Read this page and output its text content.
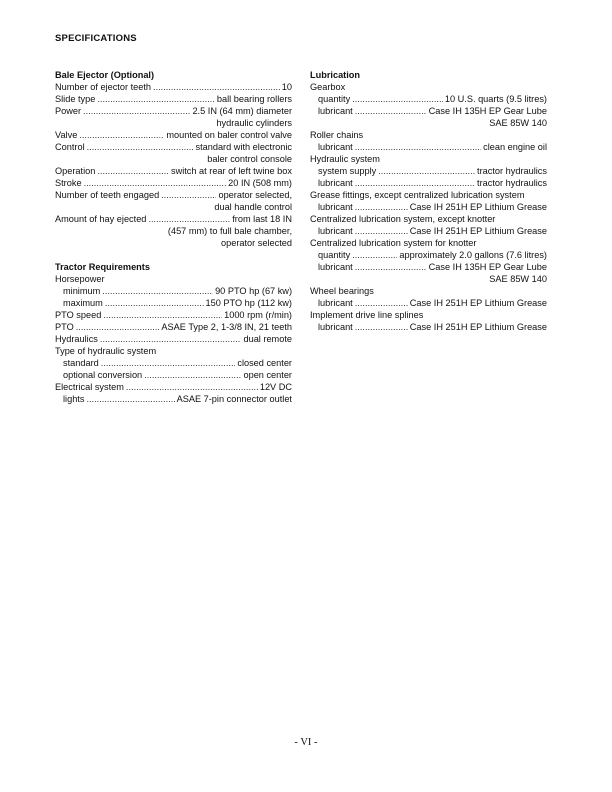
SPECIFICATIONS
Bale Ejector (Optional)
Number of ejector teeth .....	10
Slide type .....	ball bearing rollers
Power .....	2.5 IN (64 mm) diameter
hydraulic cylinders
Valve .....	mounted on baler control valve
Control .....	standard with electronic
baler control console
Operation .....	switch at rear of left twine box
Stroke .....	20 IN (508 mm)
Number of teeth engaged .....	operator selected,
dual handle control
Amount of hay ejected .....	from last 18 IN
(457 mm) to full bale chamber,
operator selected
Tractor Requirements
Horsepower
minimum .....	90 PTO hp (67 kw)
maximum .....	150 PTO hp (112 kw)
PTO speed .....	1000 rpm (r/min)
PTO .....	ASAE Type 2, 1-3/8 IN, 21 teeth
Hydraulics .....	dual remote
Type of hydraulic system
standard .....	closed center
optional conversion .....	open center
Electrical system .....	12V DC
lights .....	ASAE 7-pin connector outlet
Lubrication
Gearbox
quantity .....	10 U.S. quarts (9.5 litres)
lubricant .....	Case IH 135H EP Gear Lube
SAE 85W 140
Roller chains
lubricant .....	clean engine oil
Hydraulic system
system supply .....	tractor hydraulics
lubricant .....	tractor hydraulics
Grease fittings, except centralized lubrication system
lubricant .....	Case IH 251H EP Lithium Grease
Centralized lubrication system, except knotter
lubricant .....	Case IH 251H EP Lithium Grease
Centralized lubrication system for knotter
quantity .....	approximately 2.0 gallons (7.6 litres)
lubricant .....	Case IH 135H EP Gear Lube
SAE 85W 140
Wheel bearings
lubricant .....	Case IH 251H EP Lithium Grease
Implement drive line splines
lubricant .....	Case IH 251H EP Lithium Grease
- VI -
